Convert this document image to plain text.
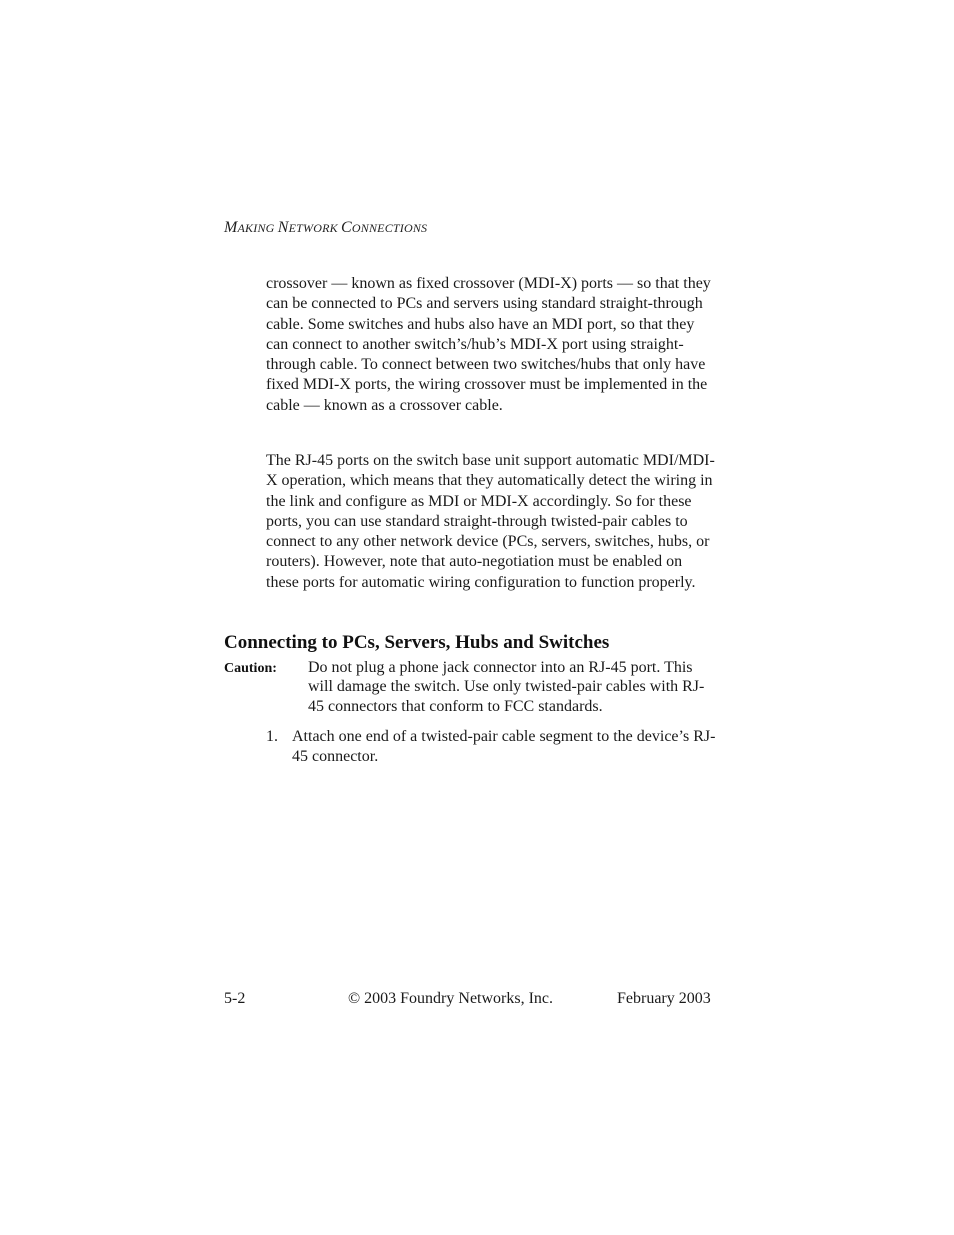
MAKING NETWORK CONNECTIONS

crossover — known as fixed crossover (MDI-X) ports — so that they can be connected to PCs and servers using standard straight-through cable. Some switches and hubs also have an MDI port, so that they can connect to another switch’s/hub’s MDI-X port using straight-through cable. To connect between two switches/hubs that only have fixed MDI-X ports, the wiring crossover must be implemented in the cable — known as a crossover cable.

The RJ-45 ports on the switch base unit support automatic MDI/MDI-X operation, which means that they automatically detect the wiring in the link and configure as MDI or MDI-X accordingly. So for these ports, you can use standard straight-through twisted-pair cables to connect to any other network device (PCs, servers, switches, hubs, or routers). However, note that auto-negotiation must be enabled on these ports for automatic wiring configuration to function properly.

Connecting to PCs, Servers, Hubs and Switches
Caution: Do not plug a phone jack connector into an RJ-45 port. This will damage the switch. Use only twisted-pair cables with RJ-45 connectors that conform to FCC standards.
1. Attach one end of a twisted-pair cable segment to the device’s RJ-45 connector.
5-2	© 2003 Foundry Networks, Inc.	February 2003
